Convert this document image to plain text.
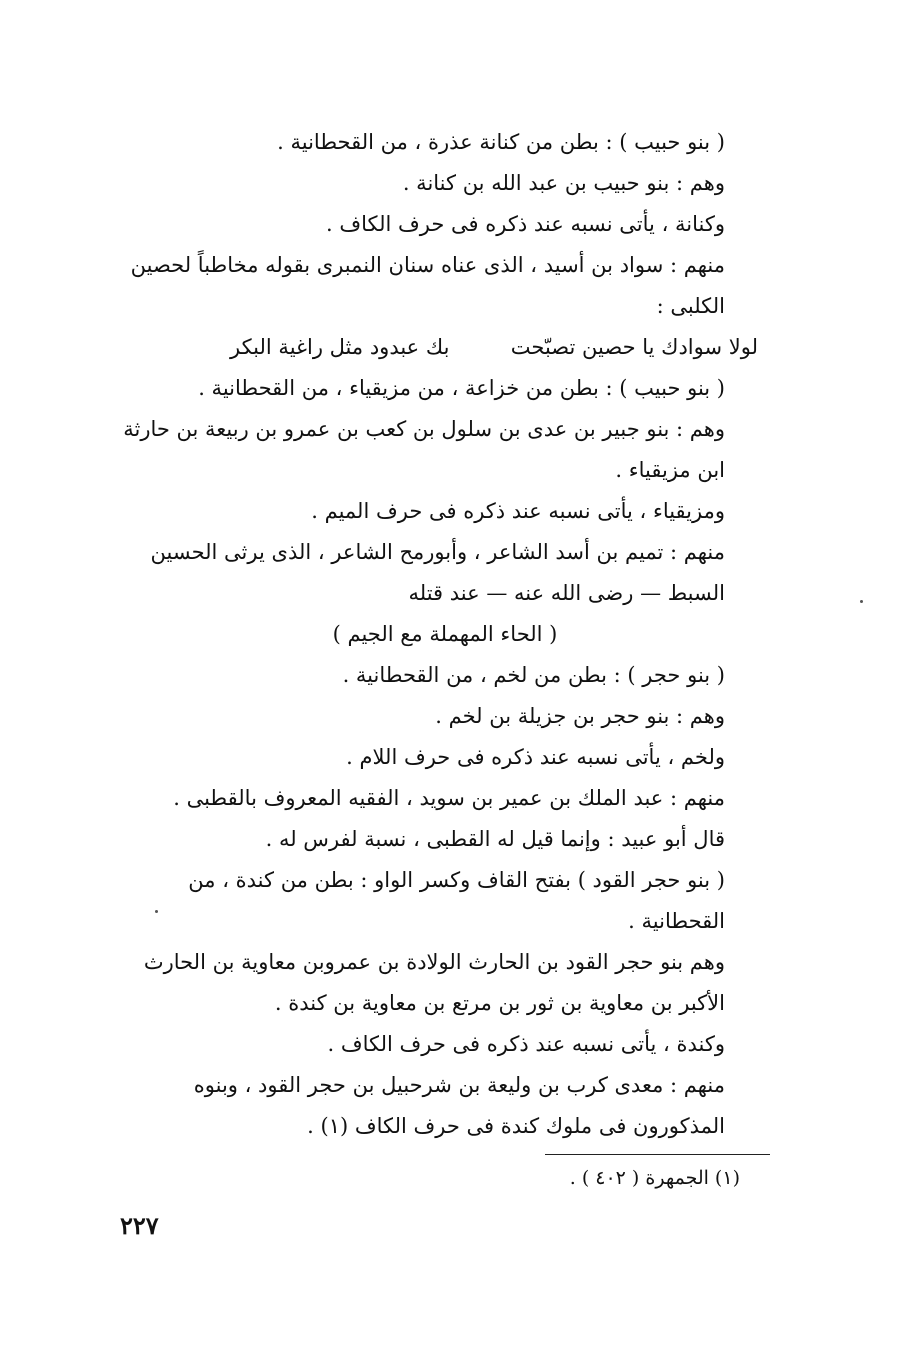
( بنو حبيب ) : بطن من كنانة عذرة ، من القحطانية .

وهم : بنو حبيب بن عبد الله بن كنانة .

وكنانة ، يأتى نسبه عند ذكره فى حرف الكاف .

منهم : سواد بن أسيد ، الذى عناه سنان النمبرى بقوله مخاطباً لحصين الكلبى :

لولا سوادك يا حصين تصبّحت
بك عبدود مثل راغية البكر

( بنو حبيب ) : بطن من خزاعة ، من مزيقياء ، من القحطانية .

وهم : بنو جبير بن عدى بن سلول بن كعب بن عمرو بن ربيعة بن حارثة ابن مزيقياء .

ومزيقياء ، يأتى نسبه عند ذكره فى حرف الميم .

منهم : تميم بن أسد الشاعر ، وأبورمح الشاعر ، الذى يرثى الحسين السبط — رضى الله عنه — عند قتله

( الحاء المهملة مع الجيم )

( بنو حجر ) : بطن من لخم ، من القحطانية .

وهم : بنو حجر بن جزيلة بن لخم .

ولخم ، يأتى نسبه عند ذكره فى حرف اللام .

منهم : عبد الملك بن عمير بن سويد ، الفقيه المعروف بالقطبى .

قال أبو عبيد : وإنما قيل له القطبى ، نسبة لفرس له .

( بنو حجر القود ) بفتح القاف وكسر الواو : بطن من كندة ، من القحطانية .

وهم بنو حجر القود بن الحارث الولادة بن عمروبن معاوية بن الحارث الأكبر بن معاوية بن ثور بن مرتع بن معاوية بن كندة .

وكندة ، يأتى نسبه عند ذكره فى حرف الكاف .

منهم : معدى كرب بن وليعة بن شرحبيل بن حجر القود ، وبنوه المذكورون فى ملوك كندة فى حرف الكاف (١) .

(١) الجمهرة ( ٤٠٢ ) .
٢٢٧
